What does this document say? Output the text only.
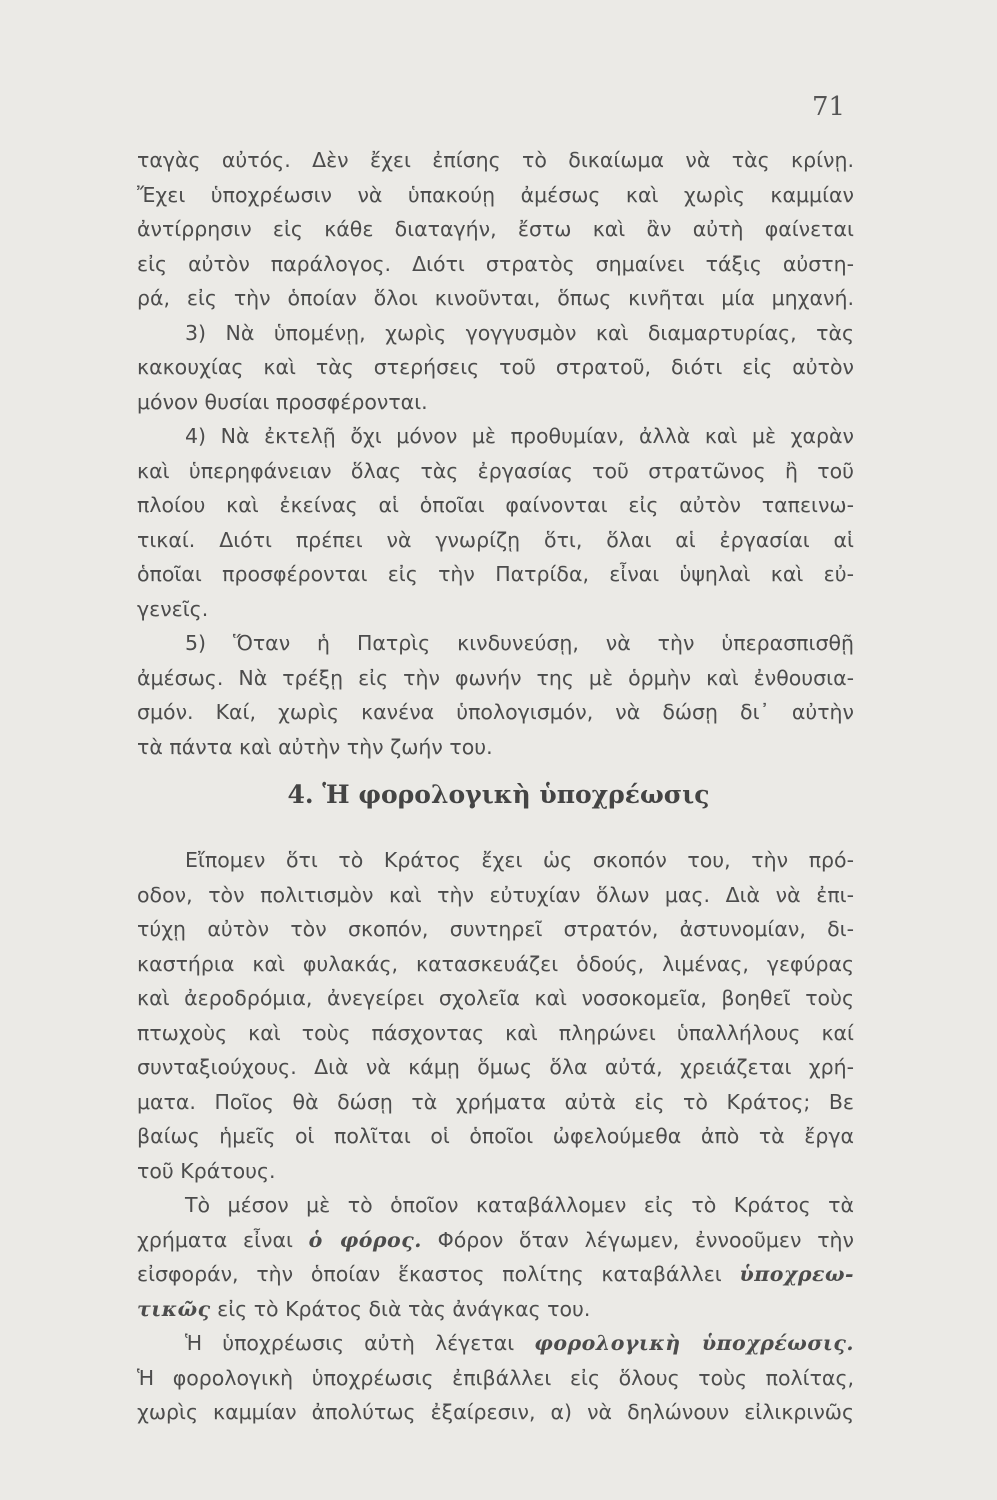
71
ταγὰς αὐτός. Δὲν ἔχει ἐπίσης τὸ δικαίωμα νὰ τὰς κρίνῃ.
Ἔχει ὑποχρέωσιν νὰ ὑπακούῃ ἀμέσως καὶ χωρὶς καμμίαν
ἀντίρρησιν εἰς κάθε διαταγήν, ἔστω καὶ ἂν αὐτὴ φαίνεται
εἰς αὐτὸν παράλογος. Διότι στρατὸς σημαίνει τάξις αὐστη-
ρά, εἰς τὴν ὁποίαν ὅλοι κινοῦνται, ὅπως κινῆται μία μηχανή.
3) Νὰ ὑπομένῃ, χωρὶς γογγυσμὸν καὶ διαμαρτυρίας, τὰς
κακουχίας καὶ τὰς στερήσεις τοῦ στρατοῦ, διότι εἰς αὐτὸν
μόνον θυσίαι προσφέρονται.
4) Νὰ ἐκτελῇ ὄχι μόνον μὲ προθυμίαν, ἀλλὰ καὶ μὲ χαρὰν
καὶ ὑπερηφάνειαν ὅλας τὰς ἐργασίας τοῦ στρατῶνος ἢ τοῦ
πλοίου καὶ ἐκείνας αἱ ὁποῖαι φαίνονται εἰς αὐτὸν ταπεινω-
τικαί. Διότι πρέπει νὰ γνωρίζῃ ὅτι, ὅλαι αἱ ἐργασίαι αἱ
ὁποῖαι προσφέρονται εἰς τὴν Πατρίδα, εἶναι ὑψηλαὶ καὶ εὐ-
γενεῖς.
5) Ὅταν ἡ Πατρὶς κινδυνεύσῃ, νὰ τὴν ὑπερασπισθῇ
ἀμέσως. Νὰ τρέξῃ εἰς τὴν φωνήν της μὲ ὁρμὴν καὶ ἐνθουσια-
σμόν. Καί, χωρὶς κανένα ὑπολογισμόν, νὰ δώσῃ δι᾽ αὐτὴν
τὰ πάντα καὶ αὐτὴν τὴν ζωήν του.
4. Ἡ φορολογικὴ ὑποχρέωσις
Εἴπομεν ὅτι τὸ Κράτος ἔχει ὡς σκοπόν του, τὴν πρό-
οδον, τὸν πολιτισμὸν καὶ τὴν εὐτυχίαν ὅλων μας. Διὰ νὰ ἐπι-
τύχῃ αὐτὸν τὸν σκοπόν, συντηρεῖ στρατόν, ἀστυνομίαν, δι-
καστήρια καὶ φυλακάς, κατασκευάζει ὁδούς, λιμένας, γεφύρας
καὶ ἀεροδρόμια, ἀνεγείρει σχολεῖα καὶ νοσοκομεῖα, βοηθεῖ τοὺς
πτωχοὺς καὶ τοὺς πάσχοντας καὶ πληρώνει ὑπαλλήλους καί
συνταξιούχους. Διὰ νὰ κάμῃ ὅμως ὅλα αὐτά, χρειάζεται χρή-
ματα. Ποῖος θὰ δώσῃ τὰ χρήματα αὐτὰ εἰς τὸ Κράτος; Βε
βαίως ἡμεῖς οἱ πολῖται οἱ ὁποῖοι ὠφελούμεθα ἀπὸ τὰ ἔργα
τοῦ Κράτους.
Τὸ μέσον μὲ τὸ ὁποῖον καταβάλλομεν εἰς τὸ Κράτος τὰ
χρήματα εἶναι ὁ φόρος. Φόρον ὅταν λέγωμεν, ἐννοοῦμεν τὴν
εἰσφοράν, τὴν ὁποίαν ἕκαστος πολίτης καταβάλλει ὑποχρεω-
τικῶς εἰς τὸ Κράτος διὰ τὰς ἀνάγκας του.
Ἡ ὑποχρέωσις αὐτὴ λέγεται φορολογικὴ ὑποχρέωσις.
Ἡ φορολογικὴ ὑποχρέωσις ἐπιβάλλει εἰς ὅλους τοὺς πολίτας,
χωρὶς καμμίαν ἀπολύτως ἐξαίρεσιν, α) νὰ δηλώνουν εἰλικρινῶς
